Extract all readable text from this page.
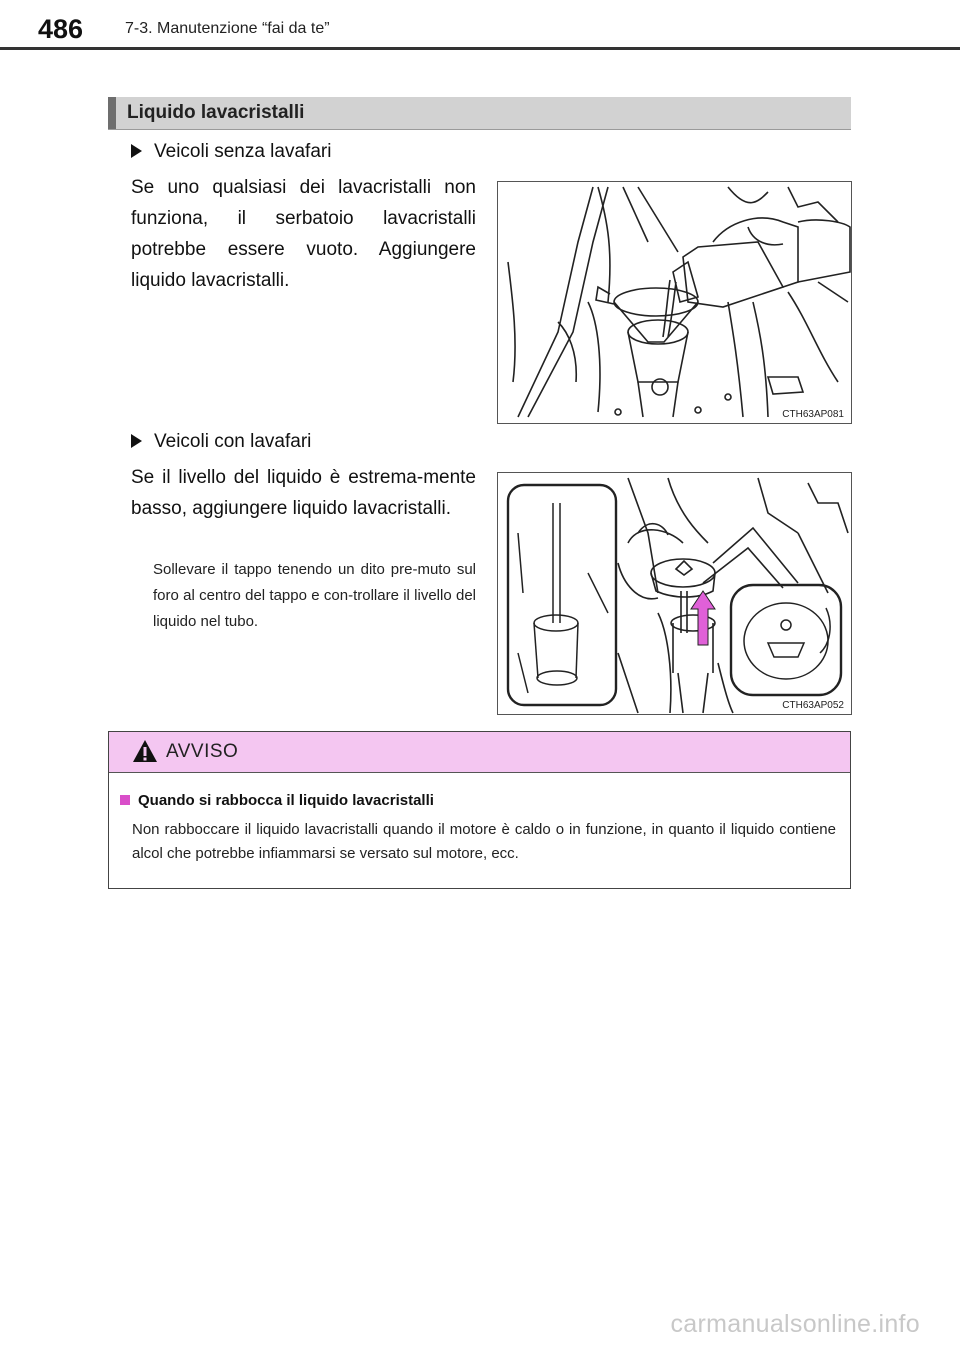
486	7-3. Manutenzione “fai da te”
Liquido lavacristalli
Veicoli senza lavafari
Se uno qualsiasi dei lavacristalli non funziona, il serbatoio lavacristalli potrebbe essere vuoto. Aggiungere liquido lavacristalli.
CTH63AP081
Veicoli con lavafari
Se il livello del liquido è estrema-mente basso, aggiungere liquido lavacristalli.
Sollevare il tappo tenendo un dito pre-muto sul foro al centro del tappo e con-trollare il livello del liquido nel tubo.
CTH63AP052
AVVISO
Quando si rabbocca il liquido lavacristalli
Non rabboccare il liquido lavacristalli quando il motore è caldo o in funzione, in quanto il liquido contiene alcol che potrebbe infiammarsi se versato sul motore, ecc.
carmanualsonline.info
